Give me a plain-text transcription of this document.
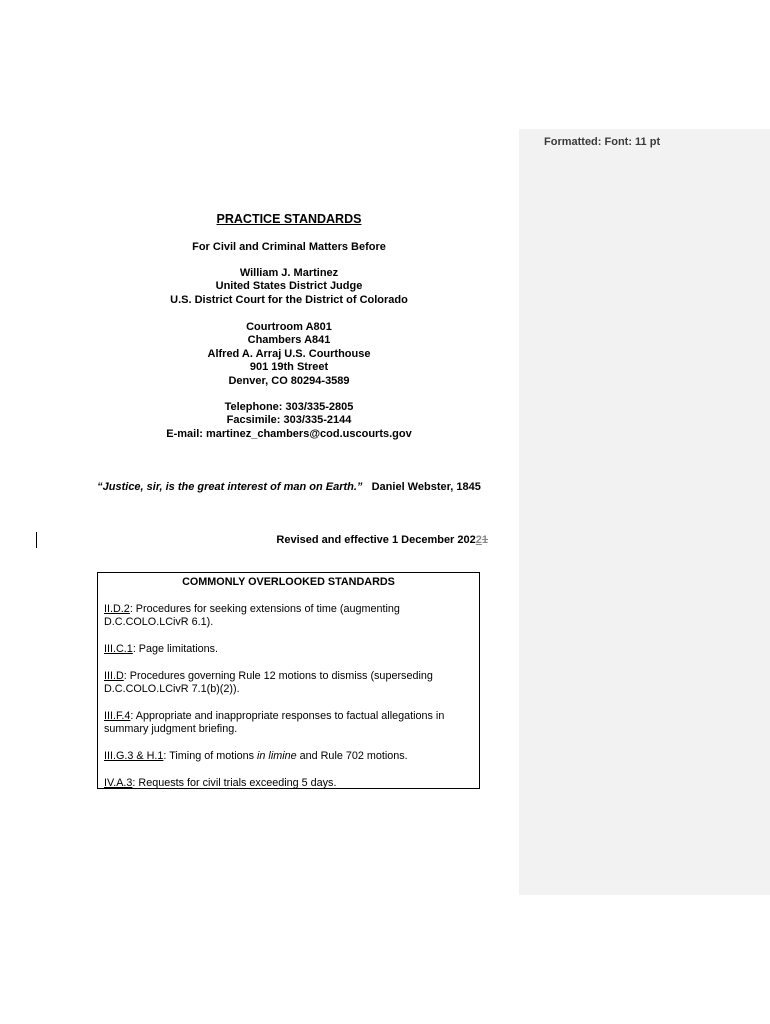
Formatted: Font: 11 pt
PRACTICE STANDARDS
For Civil and Criminal Matters Before
William J. Martinez
United States District Judge
U.S. District Court for the District of Colorado
Courtroom A801
Chambers A841
Alfred A. Arraj U.S. Courthouse
901 19th Street
Denver, CO 80294-3589
Telephone: 303/335-2805
Facsimile: 303/335-2144
E-mail: martinez_chambers@cod.uscourts.gov
“Justice, sir, is the great interest of man on Earth.” Daniel Webster, 1845
Revised and effective 1 December 20221
COMMONLY OVERLOOKED STANDARDS
II.D.2: Procedures for seeking extensions of time (augmenting D.C.COLO.LCivR 6.1).
III.C.1: Page limitations.
III.D: Procedures governing Rule 12 motions to dismiss (superseding D.C.COLO.LCivR 7.1(b)(2)).
III.F.4: Appropriate and inappropriate responses to factual allegations in summary judgment briefing.
III.G.3 & H.1: Timing of motions in limine and Rule 702 motions.
IV.A.3: Requests for civil trials exceeding 5 days.
